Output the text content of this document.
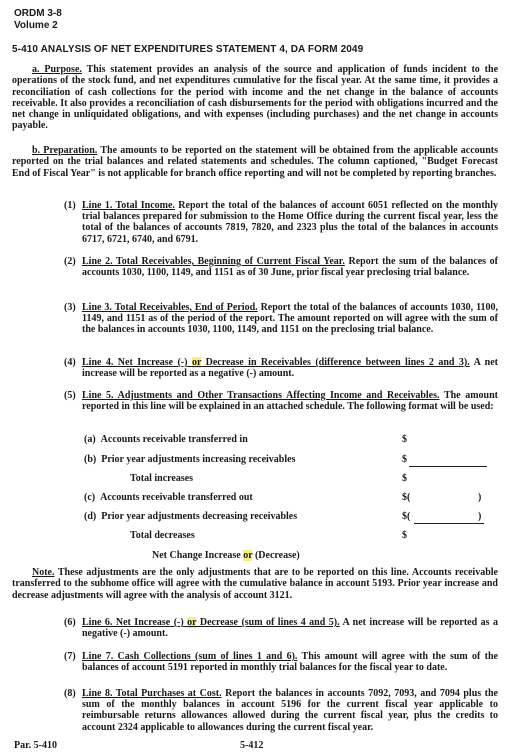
ORDM 3-8
Volume 2
5-410 ANALYSIS OF NET EXPENDITURES STATEMENT 4, DA FORM 2049

a. Purpose. This statement provides an analysis of the source and application of funds incident to the operations of the stock fund, and net expenditures cumulative for the fiscal year. At the same time, it provides a reconciliation of cash collections for the period with income and the net change in the balance of accounts receivable. It also provides a reconciliation of cash disbursements for the period with obligations incurred and the net change in unliquidated obligations, and with expenses (including purchases) and the net change in accounts payable.

b. Preparation. The amounts to be reported on the statement will be obtained from the applicable accounts reported on the trial balances and related statements and schedules. The column captioned, "Budget Forecast End of Fiscal Year" is not applicable for branch office reporting and will not be completed by reporting branches.

(1) Line 1. Total Income. Report the total of the balances of account 6051 reflected on the monthly trial balances prepared for submission to the Home Office during the current fiscal year, less the total of the balances of accounts 7819, 7820, and 2323 plus the total of the balances in accounts 6717, 6721, 6740, and 6791.
(2) Line 2. Total Receivables, Beginning of Current Fiscal Year. Report the sum of the balances of accounts 1030, 1100, 1149, and 1151 as of 30 June, prior fiscal year preclosing trial balance.
(3) Line 3. Total Receivables, End of Period. Report the total of the balances of accounts 1030, 1100, 1149, and 1151 as of the period of the report. The amount reported on will agree with the sum of the balances in accounts 1030, 1100, 1149, and 1151 on the preclosing trial balance.
(4) Line 4. Net Increase (-) or Decrease in Receivables (difference between lines 2 and 3). A net increase will be reported as a negative (-) amount.
(5) Line 5. Adjustments and Other Transactions Affecting Income and Receivables. The amount reported in this line will be explained in an attached schedule. The following format will be used:
(a) Accounts receivable transferred in	$
(b) Prior year adjustments increasing receivables	$
Total increases	$
(c) Accounts receivable transferred out	$(	)
(d) Prior year adjustments decreasing receivables	$(	)
Total decreases	$
Net Change Increase or (Decrease)

Note. These adjustments are the only adjustments that are to be reported on this line. Accounts receivable transferred to the subhome office will agree with the cumulative balance in account 5193. Prior year increase and decrease adjustments will agree with the analysis of account 3121.

(6) Line 6. Net Increase (-) or Decrease (sum of lines 4 and 5). A net increase will be reported as a negative (-) amount.
(7) Line 7. Cash Collections (sum of lines 1 and 6). This amount will agree with the sum of the balances of account 5191 reported in monthly trial balances for the fiscal year to date.
(8) Line 8. Total Purchases at Cost. Report the balances in accounts 7092, 7093, and 7094 plus the sum of the monthly balances in account 5196 for the current fiscal year applicable to reimbursable returns allowances allowed during the current fiscal year, plus the credits to account 2324 applicable to allowances during the current fiscal year.
Par. 5-410	5-412
